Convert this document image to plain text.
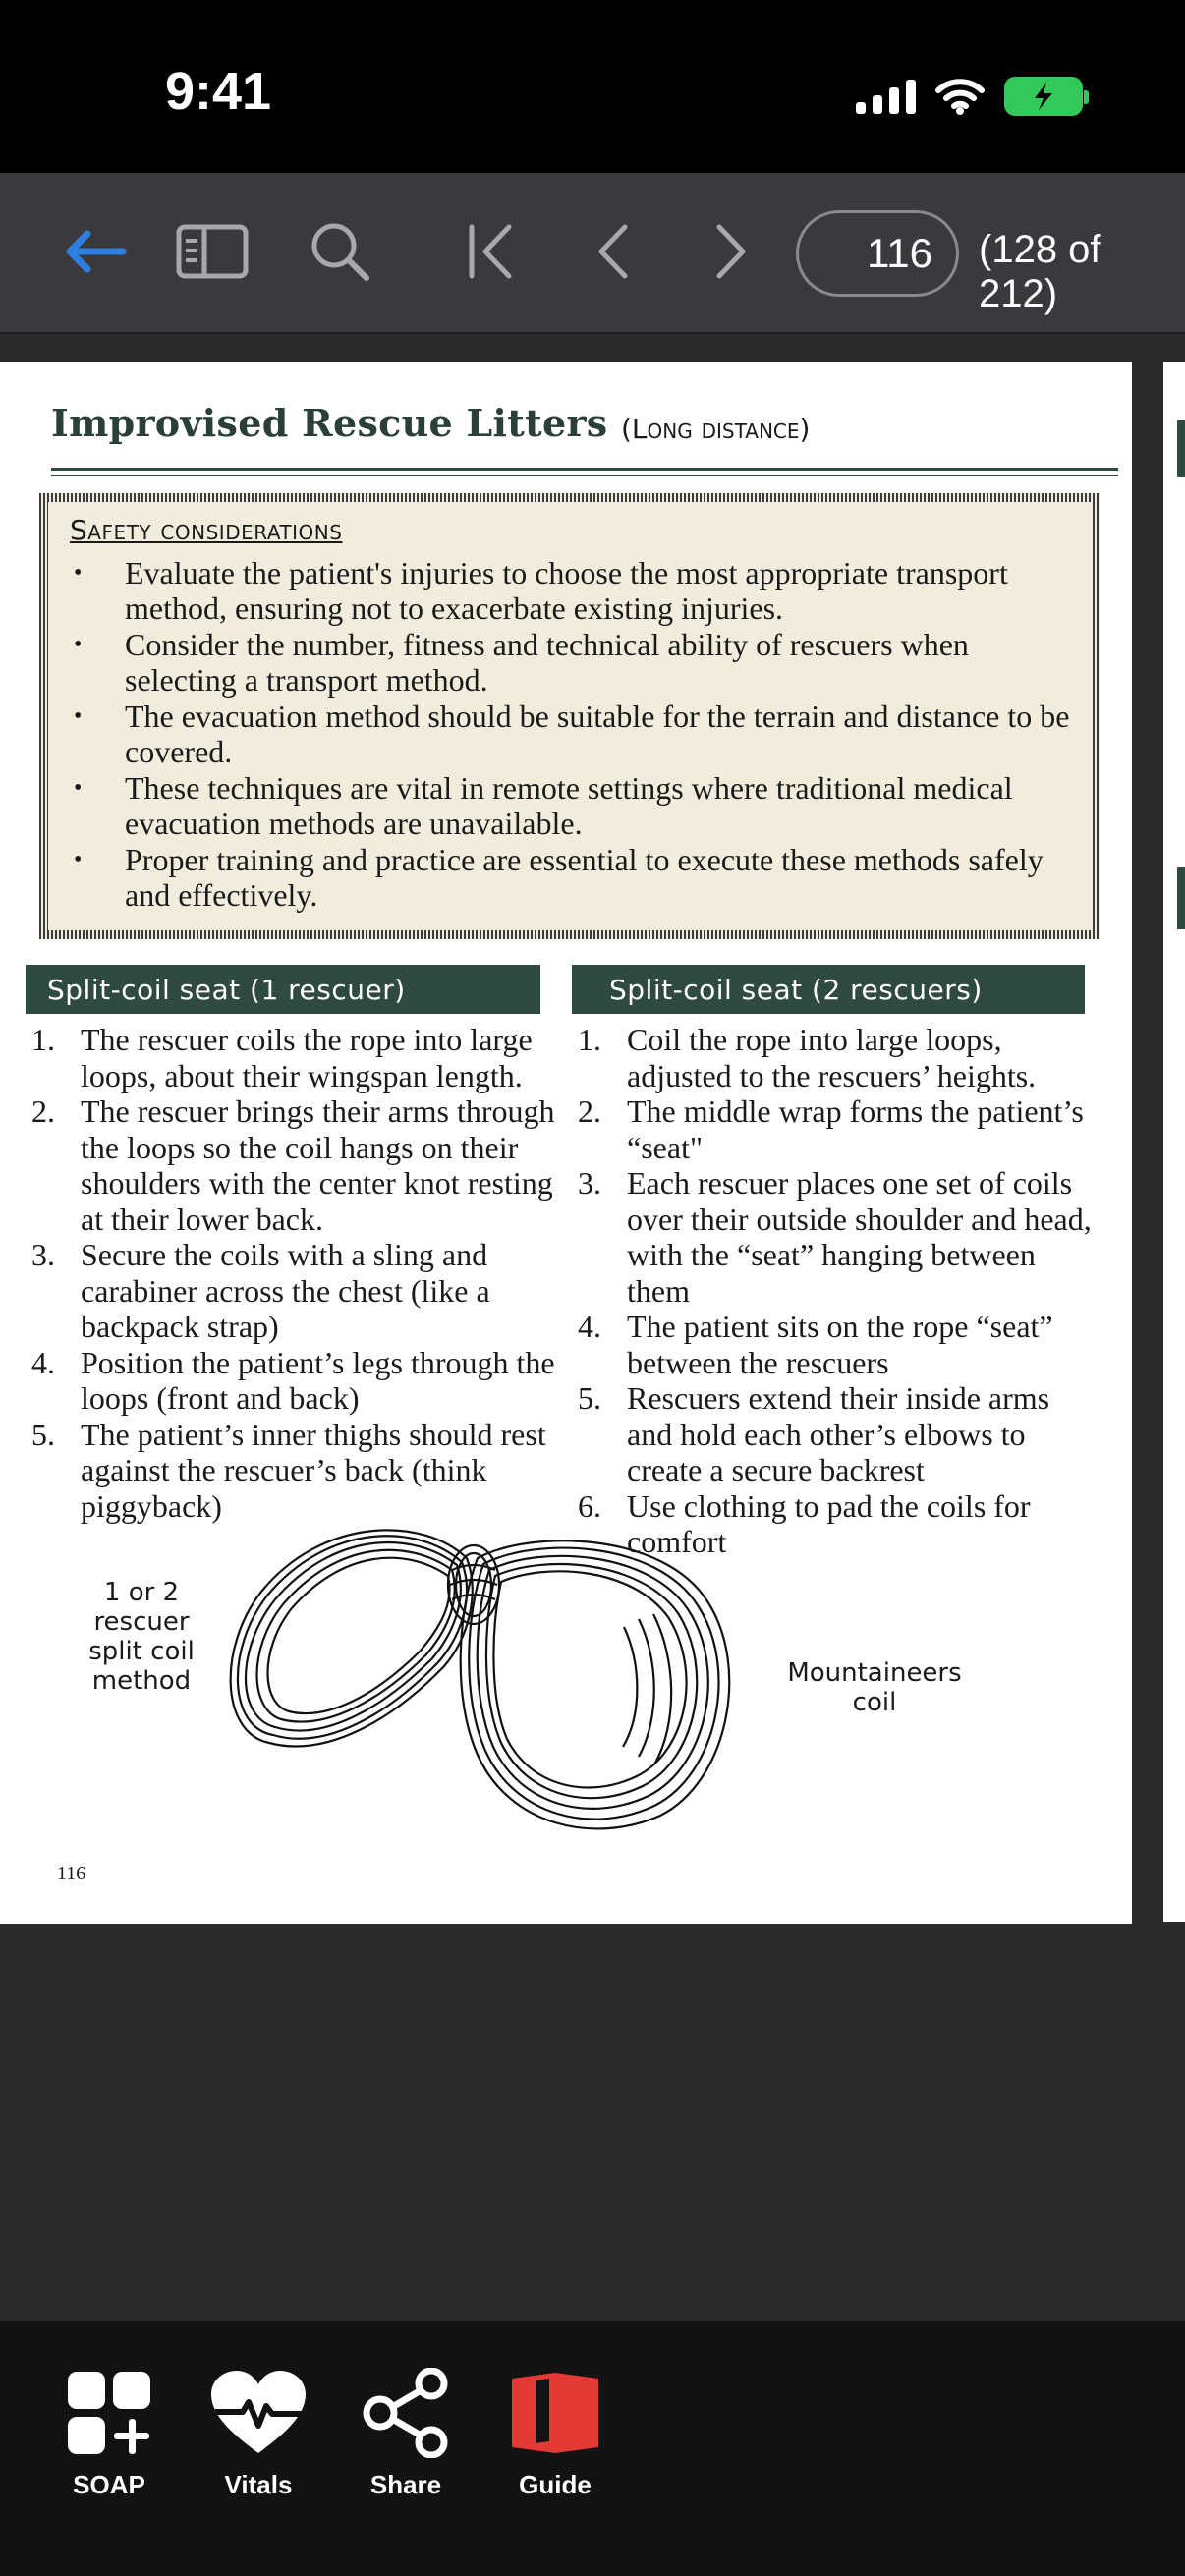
9:41
116	(128 of 212)
Improvised Rescue Litters (Long distance)
Safety considerations
• Evaluate the patient's injuries to choose the most appropriate transport method, ensuring not to exacerbate existing injuries.
• Consider the number, fitness and technical ability of rescuers when selecting a transport method.
• The evacuation method should be suitable for the terrain and distance to be covered.
• These techniques are vital in remote settings where traditional medical evacuation methods are unavailable.
• Proper training and practice are essential to execute these methods safely and effectively.
Split-coil seat (1 rescuer)	Split-coil seat (2 rescuers)
1. The rescuer coils the rope into large loops, about their wingspan length.
2. The rescuer brings their arms through the loops so the coil hangs on their shoulders with the center knot resting at their lower back.
3. Secure the coils with a sling and carabiner across the chest (like a backpack strap)
4. Position the patient’s legs through the loops (front and back)
5. The patient’s inner thighs should rest against the rescuer’s back (think piggyback)
1. Coil the rope into large loops, adjusted to the rescuers’ heights.
2. The middle wrap forms the patient’s “seat"
3. Each rescuer places one set of coils over their outside shoulder and head, with the “seat” hanging between them
4. The patient sits on the rope “seat” between the rescuers
5. Rescuers extend their inside arms and hold each other’s elbows to create a secure backrest
6. Use clothing to pad the coils for comfort
1 or 2
rescuer
split coil
method	Mountaineers
coil
116
SOAP	Vitals	Share	Guide
